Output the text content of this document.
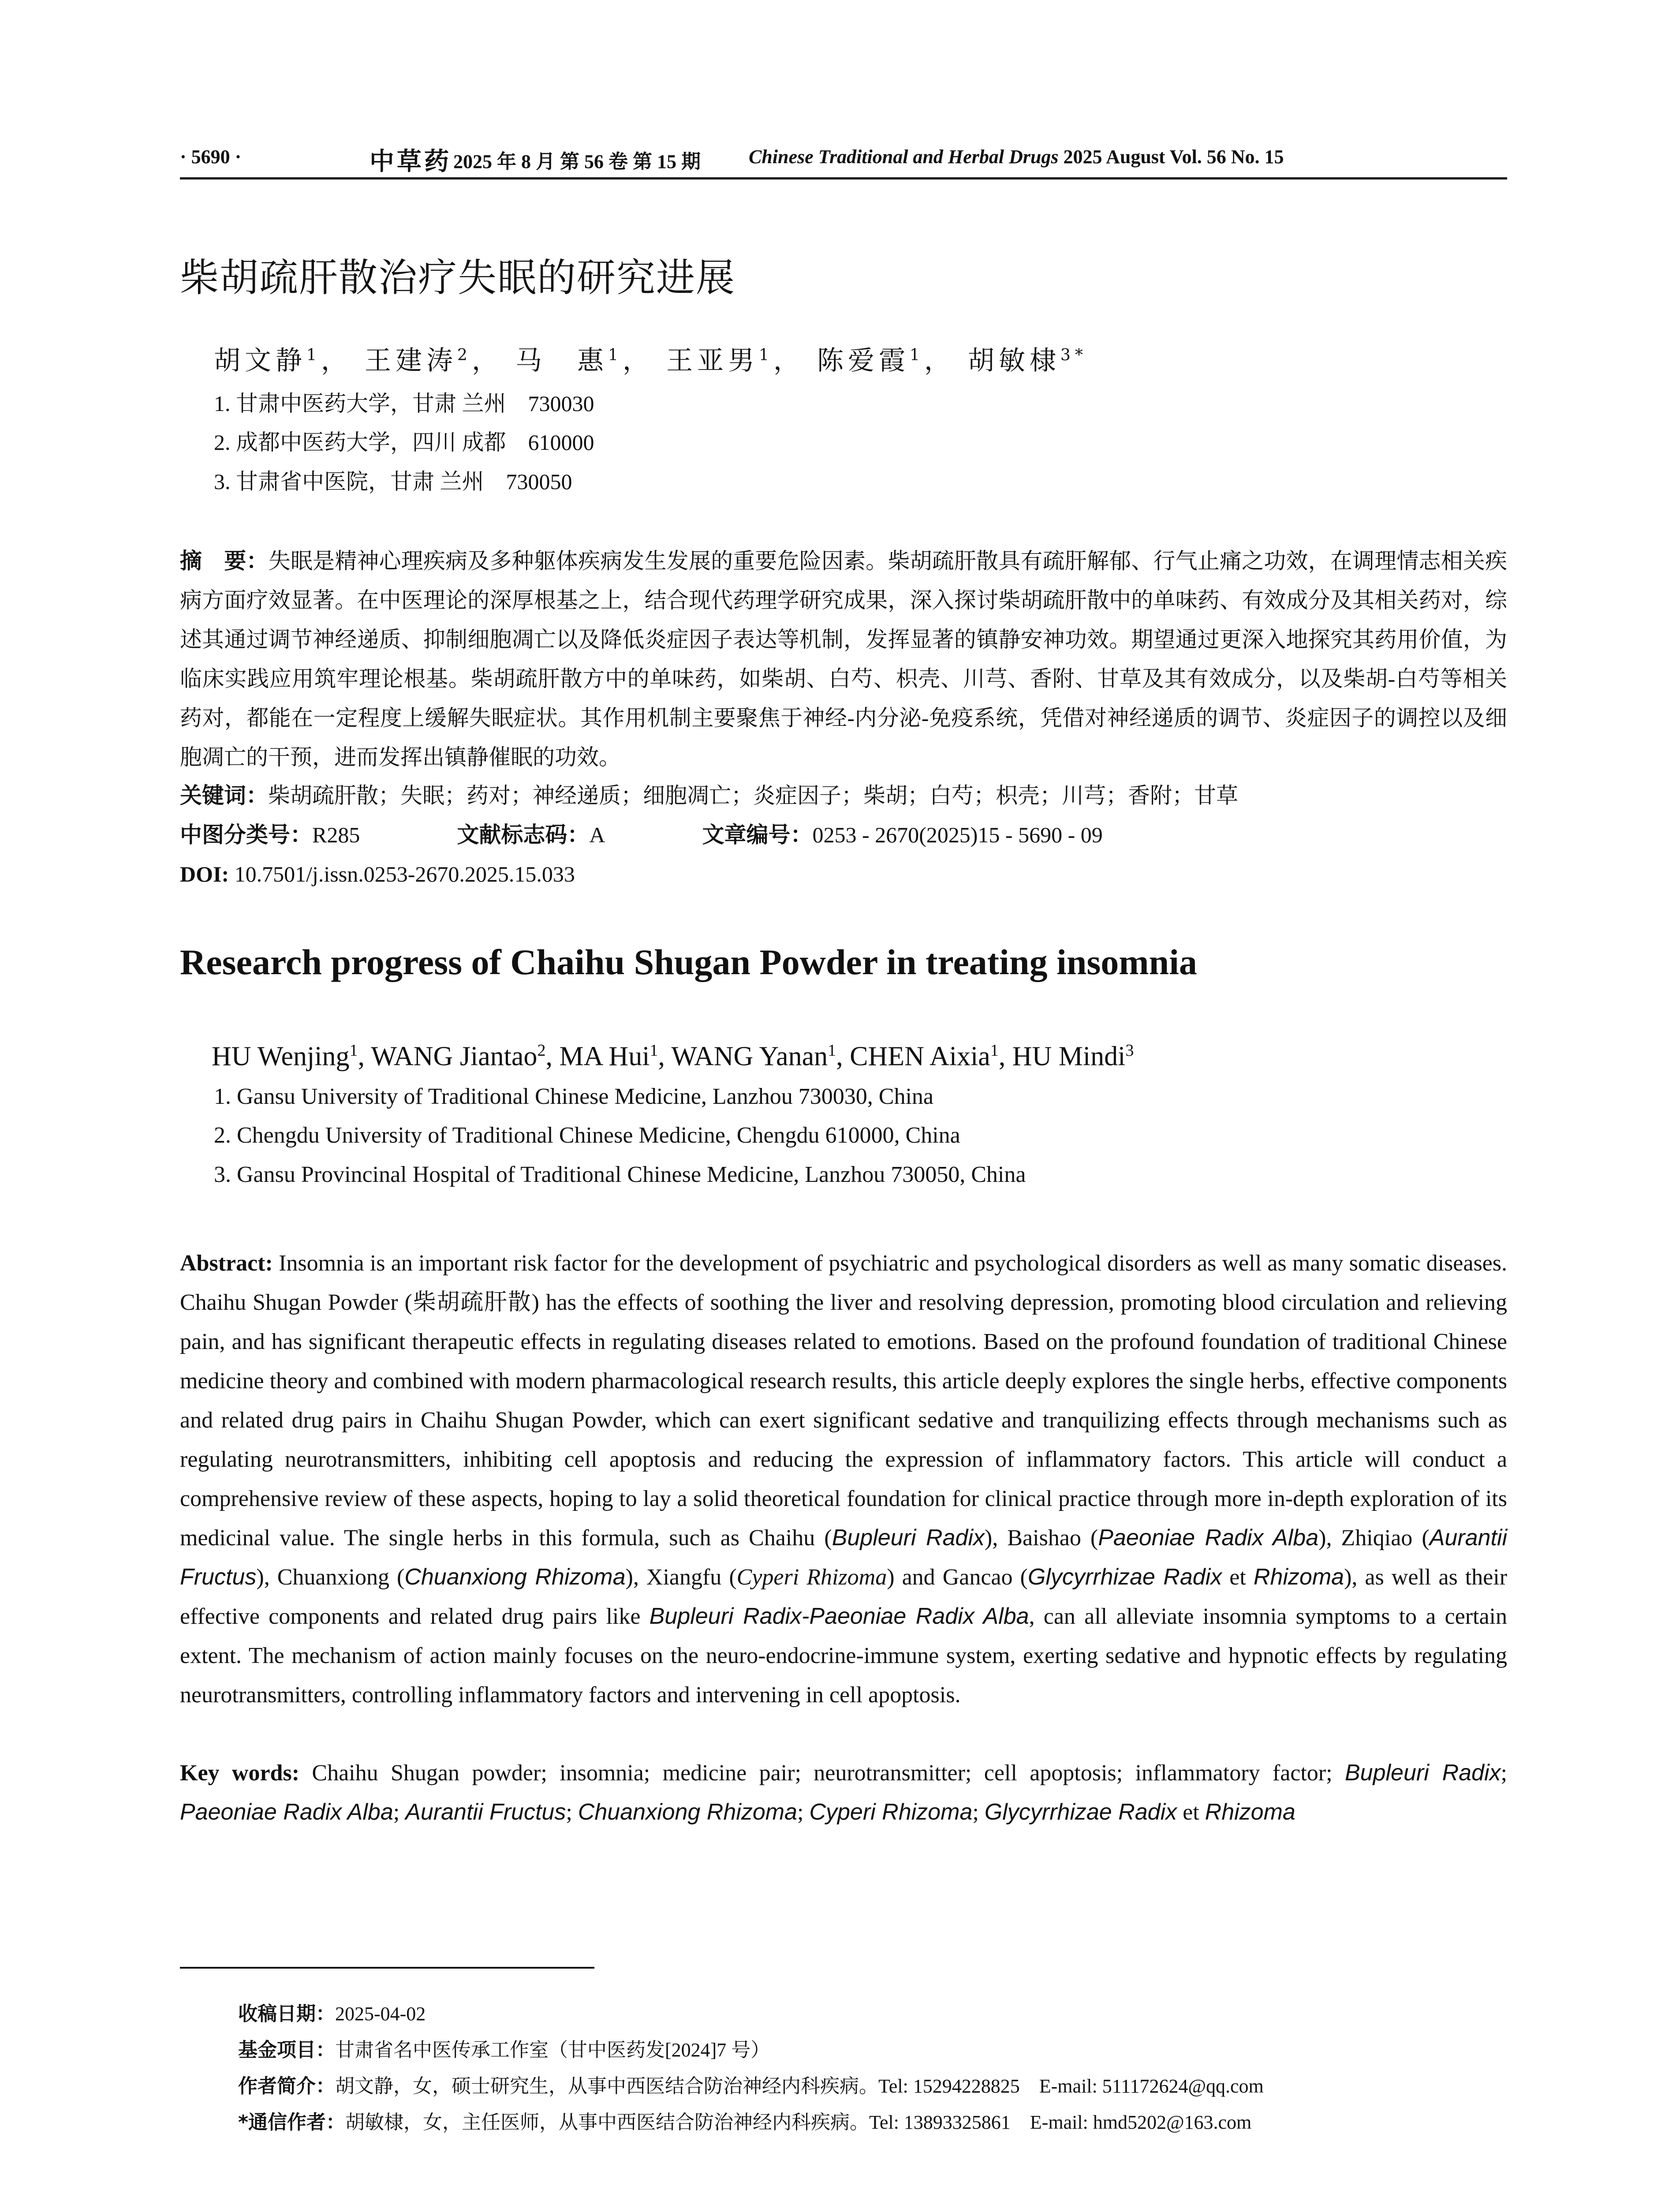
· 5690 ·	中草药 2025 年 8 月 第 56 卷 第 15 期 Chinese Traditional and Herbal Drugs 2025 August Vol. 56 No. 15
柴胡疏肝散治疗失眠的研究进展
胡文静$^1$， 王建涛$^2$， 马　惠$^1$， 王亚男$^1$， 陈爱霞$^1$， 胡敏棣$^{3*}$
1. 甘肃中医药大学，甘肃 兰州　730030
2. 成都中医药大学，四川 成都　610000
3. 甘肃省中医院，甘肃 兰州　730050
摘　要：失眠是精神心理疾病及多种躯体疾病发生发展的重要危险因素。柴胡疏肝散具有疏肝解郁、行气止痛之功效，在调理情志相关疾病方面疗效显著。在中医理论的深厚根基之上，结合现代药理学研究成果，深入探讨柴胡疏肝散中的单味药、有效成分及其相关药对，综述其通过调节神经递质、抑制细胞凋亡以及降低炎症因子表达等机制，发挥显著的镇静安神功效。期望通过更深入地探究其药用价值，为临床实践应用筑牢理论根基。柴胡疏肝散方中的单味药，如柴胡、白芍、枳壳、川芎、香附、甘草及其有效成分，以及柴胡-白芍等相关药对，都能在一定程度上缓解失眠症状。其作用机制主要聚焦于神经-内分泌-免疫系统，凭借对神经递质的调节、炎症因子的调控以及细胞凋亡的干预，进而发挥出镇静催眠的功效。
关键词：柴胡疏肝散；失眠；药对；神经递质；细胞凋亡；炎症因子；柴胡；白芍；枳壳；川芎；香附；甘草
中图分类号：R285	文献标志码：A	文章编号：0253 - 2670(2025)15 - 5690 - 09
DOI: 10.7501/j.issn.0253-2670.2025.15.033
Research progress of Chaihu Shugan Powder in treating insomnia
HU Wenjing$^1$, WANG Jiantao$^2$, MA Hui$^1$, WANG Yanan$^1$, CHEN Aixia$^1$, HU Mindi$^3$
1. Gansu University of Traditional Chinese Medicine, Lanzhou 730030, China
2. Chengdu University of Traditional Chinese Medicine, Chengdu 610000, China
3. Gansu Provincinal Hospital of Traditional Chinese Medicine, Lanzhou 730050, China
Abstract: Insomnia is an important risk factor for the development of psychiatric and psychological disorders as well as many somatic diseases. Chaihu Shugan Powder (柴胡疏肝散) has the effects of soothing the liver and resolving depression, promoting blood circulation and relieving pain, and has significant therapeutic effects in regulating diseases related to emotions. Based on the profound foundation of traditional Chinese medicine theory and combined with modern pharmacological research results, this article deeply explores the single herbs, effective components and related drug pairs in Chaihu Shugan Powder, which can exert significant sedative and tranquilizing effects through mechanisms such as regulating neurotransmitters, inhibiting cell apoptosis and reducing the expression of inflammatory factors. This article will conduct a comprehensive review of these aspects, hoping to lay a solid theoretical foundation for clinical practice through more in-depth exploration of its medicinal value. The single herbs in this formula, such as Chaihu (Bupleuri Radix), Baishao (Paeoniae Radix Alba), Zhiqiao (Aurantii Fructus), Chuanxiong (Chuanxiong Rhizoma), Xiangfu (Cyperi Rhizoma) and Gancao (Glycyrrhizae Radix et Rhizoma), as well as their effective components and related drug pairs like Bupleuri Radix-Paeoniae Radix Alba, can all alleviate insomnia symptoms to a certain extent. The mechanism of action mainly focuses on the neuro-endocrine-immune system, exerting sedative and hypnotic effects by regulating neurotransmitters, controlling inflammatory factors and intervening in cell apoptosis.
Key words: Chaihu Shugan powder; insomnia; medicine pair; neurotransmitter; cell apoptosis; inflammatory factor; Bupleuri Radix; Paeoniae Radix Alba; Aurantii Fructus; Chuanxiong Rhizoma; Cyperi Rhizoma; Glycyrrhizae Radix et Rhizoma
收稿日期：2025-04-02
基金项目：甘肃省名中医传承工作室（甘中医药发[2024]7 号）
作者简介：胡文静，女，硕士研究生，从事中西医结合防治神经内科疾病。Tel: 15294228825　E-mail: 511172624@qq.com
*通信作者：胡敏棣，女，主任医师，从事中西医结合防治神经内科疾病。Tel: 13893325861　E-mail: hmd5202@163.com
